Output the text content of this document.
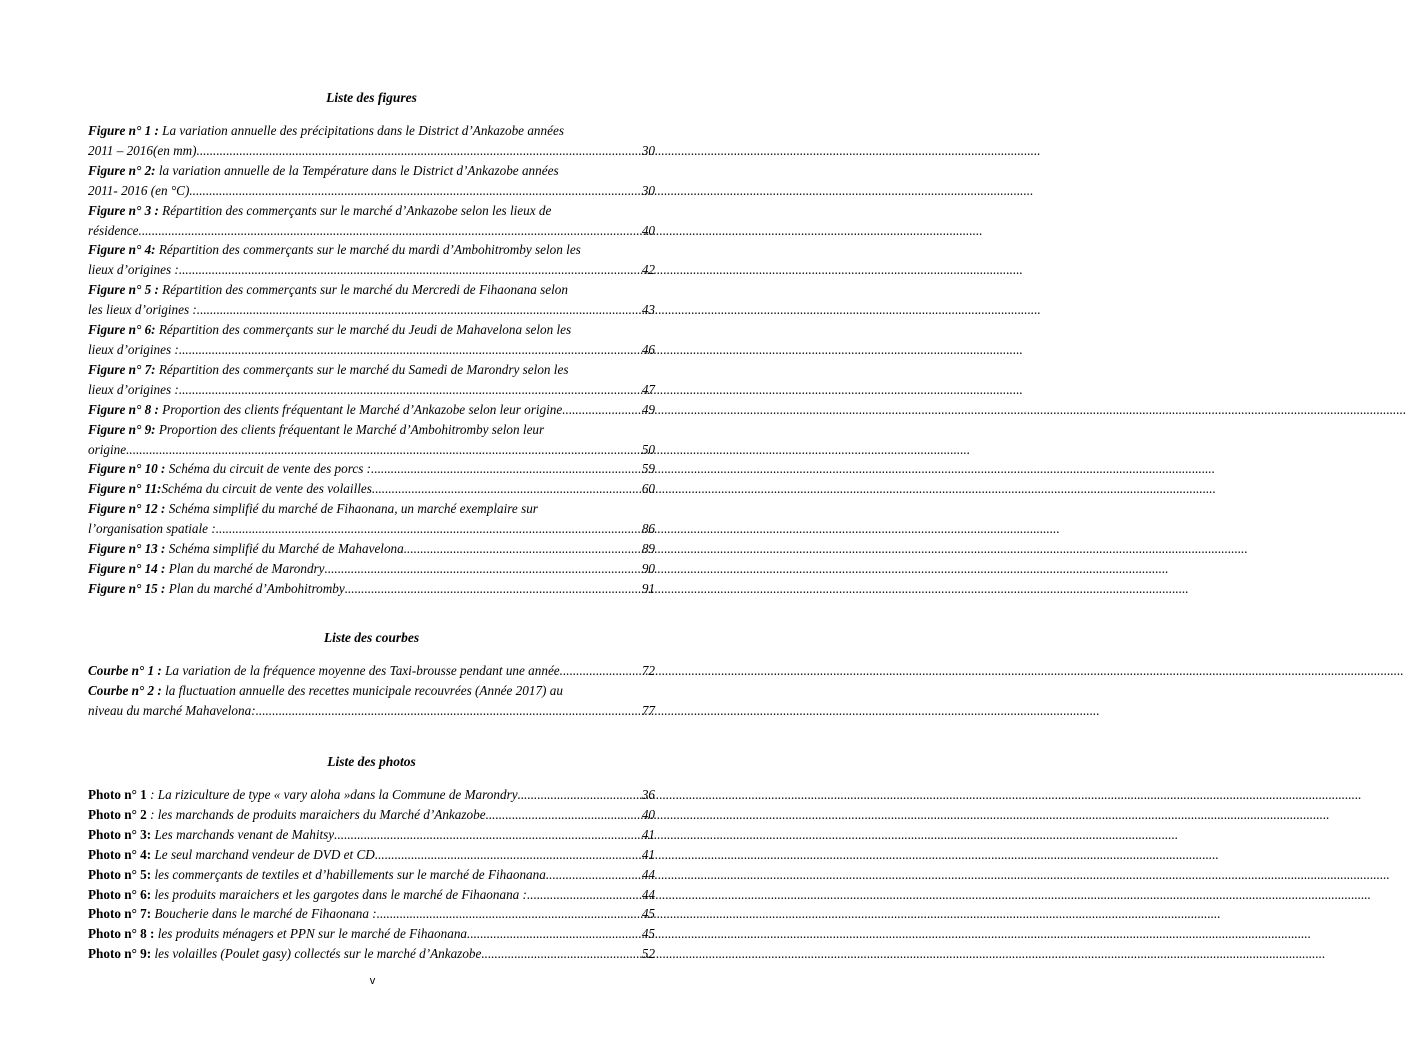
Liste des figures
Figure n° 1 : La variation annuelle des précipitations dans le District d’Ankazobe années
2011 – 2016(en mm) .....	30
Figure n° 2: la variation annuelle de la Température dans le District d’Ankazobe années
2011- 2016 (en °C) .....	30
Figure n° 3 : Répartition des commerçants sur le marché d’Ankazobe selon les lieux de
résidence .....	40
Figure n° 4: Répartition des commerçants sur le marché du mardi d’Ambohitromby selon les
lieux d’origines : .....	42
Figure n° 5 : Répartition des commerçants sur le marché du Mercredi de Fihaonana selon
les lieux d’origines : .....	43
Figure n° 6: Répartition des commerçants sur le marché du Jeudi de Mahavelona selon les
lieux d’origines : .....	46
Figure n° 7: Répartition des commerçants sur le marché du Samedi de Marondry selon les
lieux d’origines : .....	47
Figure n° 8 : Proportion des clients fréquentant le Marché d’Ankazobe selon leur origine .....	49
Figure n° 9: Proportion des clients fréquentant le Marché d’Ambohitromby selon leur
origine .....	50
Figure n° 10 : Schéma du circuit de vente des porcs : .....	59
Figure n° 11:Schéma du circuit de vente des volailles .....	60
Figure n° 12 : Schéma simplifié du marché de Fihaonana, un marché exemplaire sur
l’organisation spatiale : .....	86
Figure n° 13 : Schéma simplifié du Marché de Mahavelona .....	89
Figure n° 14 : Plan du marché de Marondry .....	90
Figure n° 15 : Plan du marché d’Ambohitromby .....	91
Liste des courbes
Courbe n° 1 : La variation de la fréquence moyenne des Taxi-brousse pendant une année .....	72
Courbe n° 2 : la fluctuation annuelle des recettes municipale recouvrées (Année 2017) au
niveau du marché Mahavelona: .....	77
Liste des photos
Photo n° 1 : La riziculture de type « vary aloha »dans la Commune de Marondry .....	36
Photo n° 2 : les marchands de produits maraichers du Marché d’Ankazobe .....	40
Photo n° 3: Les marchands venant de Mahitsy .....	41
Photo n° 4: Le seul marchand vendeur de DVD et CD .....	41
Photo n° 5: les commerçants de textiles et d’habillements sur le marché de Fihaonana .....	44
Photo n° 6: les produits maraichers et les gargotes dans le marché de Fihaonana : .....	44
Photo n° 7: Boucherie dans le marché de Fihaonana : .....	45
Photo n° 8 : les produits ménagers et PPN sur le marché de Fihaonana .....	45
Photo n° 9: les volailles (Poulet gasy) collectés sur le marché d’Ankazobe .....	52
v
